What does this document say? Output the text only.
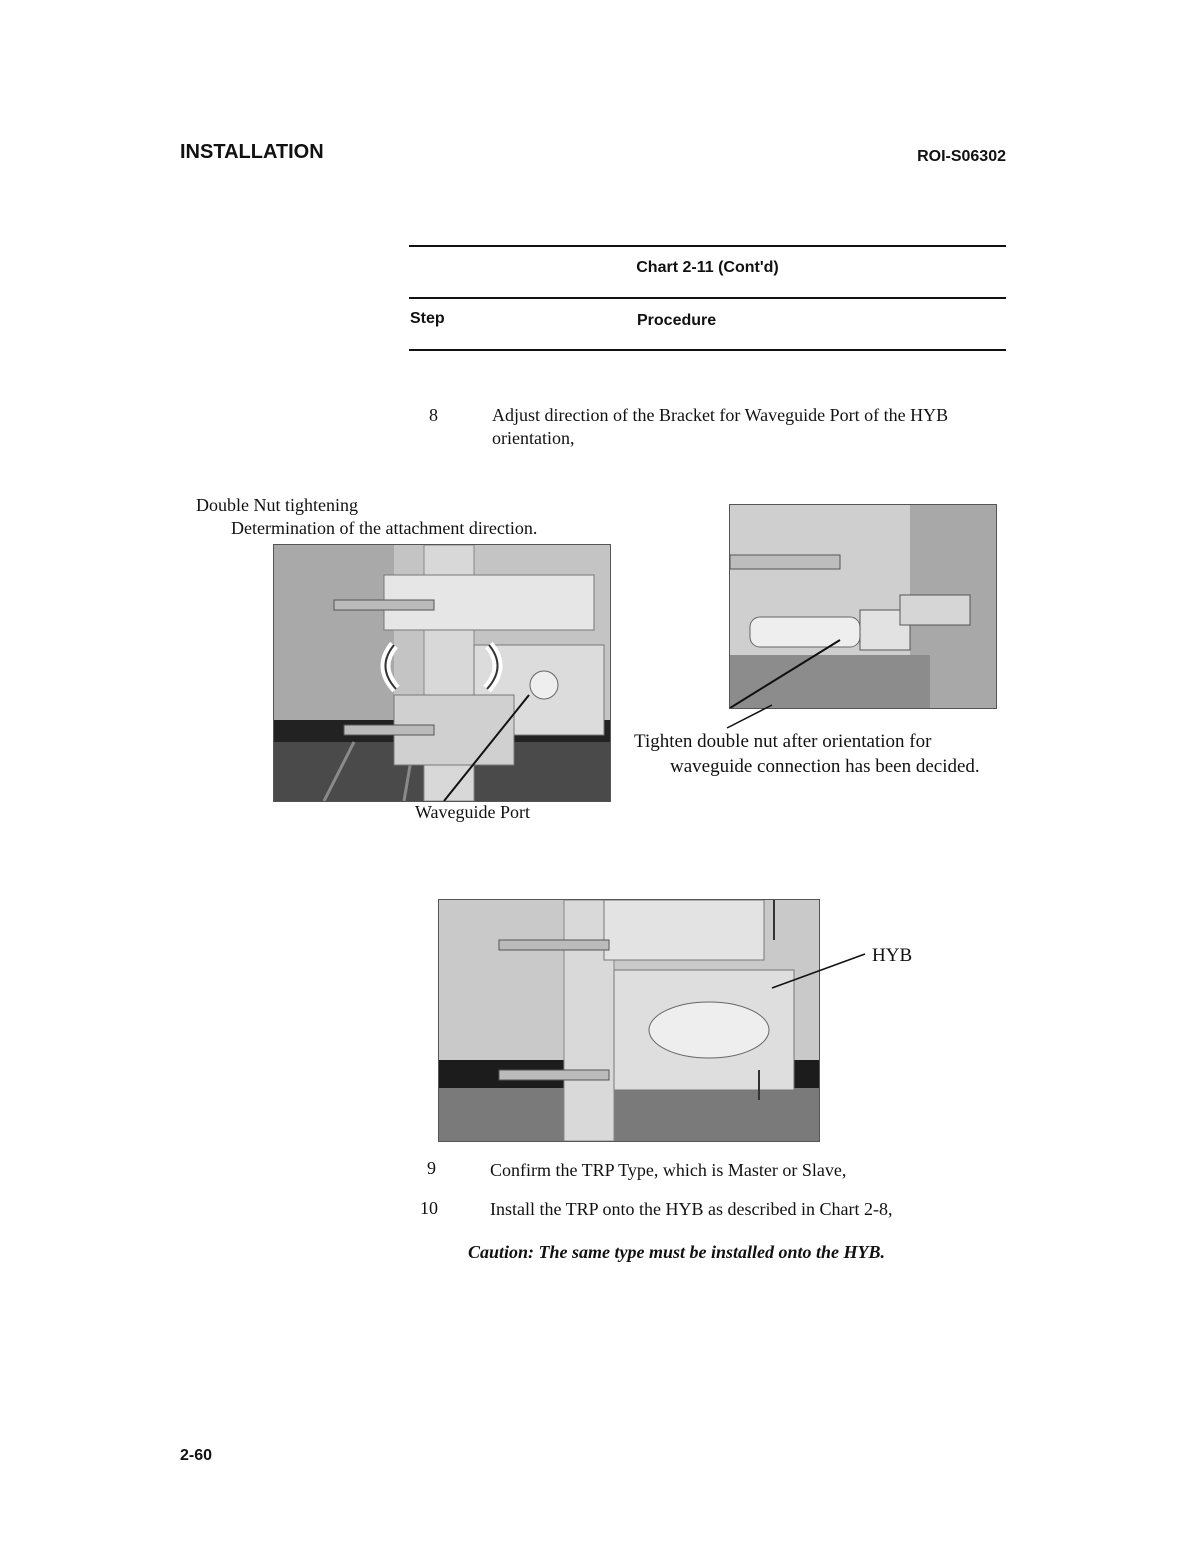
INSTALLATION	ROI-S06302
Chart 2-11 (Cont'd)
Step	Procedure
8	Adjust direction of the Bracket for Waveguide Port of the HYB
orientation,
Double Nut tightening
Determination of the attachment direction.
Waveguide Port
Tighten double nut after orientation for
waveguide connection has been decided.
HYB
9	Confirm the TRP Type, which is Master or Slave,
10	Install the TRP onto the HYB as described in Chart 2-8,
Caution: The same type must be installed onto the HYB.
2-60
